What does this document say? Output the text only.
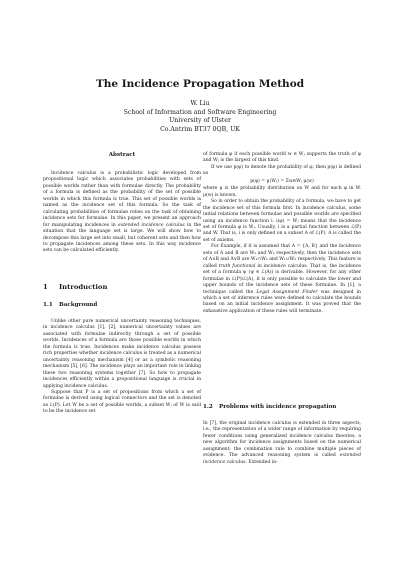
The Incidence Propagation Method
W. Liu
School of Information and Software Engineering
University of Ulster
Co.Antrim BT37 0QB, UK
Abstract

Incidence calculus is a probabilistic logic developed from propositional logic which associates probabilities with sets of possible worlds rather than with formulae directly. The probability of a formula is defined as the probability of the set of possible worlds in which this formula is true. This set of possible worlds is named as the incidence set of this formula. So the task of calculating probabilities of formulae relies on the task of obtaining incidence sets for formulae. In this paper, we present an approach for manipulating incidences in extended incidence calculus in the situation that the language set is large. We will show how to decompose this large set into small, but coherent sets and then how to propagate incidences among these sets. In this way incidence sets can be calculated efficiently.

1 Introduction
1.1 Background

Unlike other pure numerical uncertainty reasoning techniques, in incidence calculus [1], [2], numerical uncertainty values are associated with formulae indirectly through a set of possible worlds. Incidences of a formula are those possible worlds in which the formula is true. Incidences make incidence calculus possess rich properties whether incidence calculus is treated as a numerical uncertainty reasoning mechanism [4] or as a symbolic reasoning mechanism [5], [6]. The incidence plays an important role in linking these two reasoning systems together [7]. So how to propagate incidences efficiently within a propositional language is crucial in applying incidence calculus.

Suppose that P is a set of propositions from which a set of formulae is derived using logical connectors and the set is denoted as ℒ(P). Let W be a set of possible worlds, a subset Wⱼ of W is said to be the incidence set

of formula φ if each possible world w ∈ Wⱼ supports the truth of φ and Wⱼ is the largest of this kind.

If we use p(φ) to denote the probability of φ, then p(φ) is defined as

p(φ) = μ(Wⱼ) = Σw∈Wⱼ μ(w)

where μ is the probability distribution on W and for each φ in W. μ(w) is known.

So in order to obtain the probability of a formula, we have to get the incidence set of this formula first. In incidence calculus, some initial relations between formulae and possible worlds are specified using an incidence function i. i(φ) = Wⱼ means that the incidence set of formula φ is Wⱼ. Usually, i is a partial function between ℒ(P) and W. That is, i is only defined on a subset A of ℒ(P). A is called the set of axioms.

For Example, if it is assumed that A = {A, B} and the incidence sets of A and B are W₁ and W₂ respectively, then the incidence sets of A∧B and A∨B are W₁∩W₂ and W₁∪W₂ respectively. This feature is called truth functional in incidence calculus. That is, the incidence set of a formula ψ (ψ ∈ ℒ(A)) is derivable. However, for any other formulae in ℒ(P)\ℒ(A), it is only possible to calculate the lower and upper bounds of the incidence sets of these formulae. In [1], a technique called the Legal Assignment Finder was designed in which a set of inference rules were defined to calculate the bounds based on an initial incidence assignment. It was proved that the exhaustive application of these rules will terminate.

1.2 Problems with incidence propagation

In [7], the original incidence calculus is extended in three aspects, i.e., the representation of a wider range of information by requiring fewer conditions using generalized incidence calculus theories; a new algorithm for incidence assignments based on the numerical assignment; the combination rule to combine multiple pieces of evidence. The advanced reasoning system is called extended incidence calculus. Extended in-
